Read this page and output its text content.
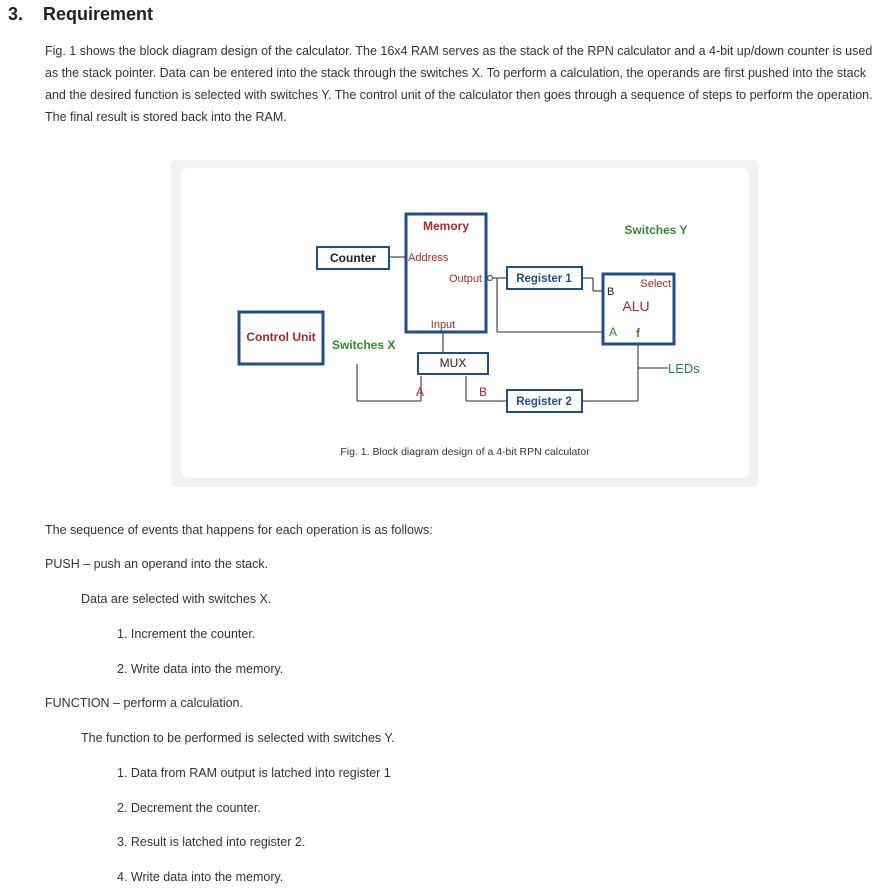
3. Requirement

Fig. 1 shows the block diagram design of the calculator. The 16x4 RAM serves as the stack of the RPN calculator and a 4-bit up/down counter is used as the stack pointer. Data can be entered into the stack through the switches X. To perform a calculation, the operands are first pushed into the stack and the desired function is selected with switches Y. The control unit of the calculator then goes through a sequence of steps to perform the operation. The final result is stored back into the RAM.

Memory
Address
Output
Input
Counter
Control Unit
Switches X
MUX
A	B
Register 1
Register 2
ALU
B
A
Select
f
Switches Y
LEDs
Fig. 1. Block diagram design of a 4-bit RPN calculator

The sequence of events that happens for each operation is as follows:

PUSH – push an operand into the stack.

Data are selected with switches X.

1. Increment the counter.

2. Write data into the memory.

FUNCTION – perform a calculation.

The function to be performed is selected with switches Y.

1. Data from RAM output is latched into register 1

2. Decrement the counter.

3. Result is latched into register 2.

4. Write data into the memory.
